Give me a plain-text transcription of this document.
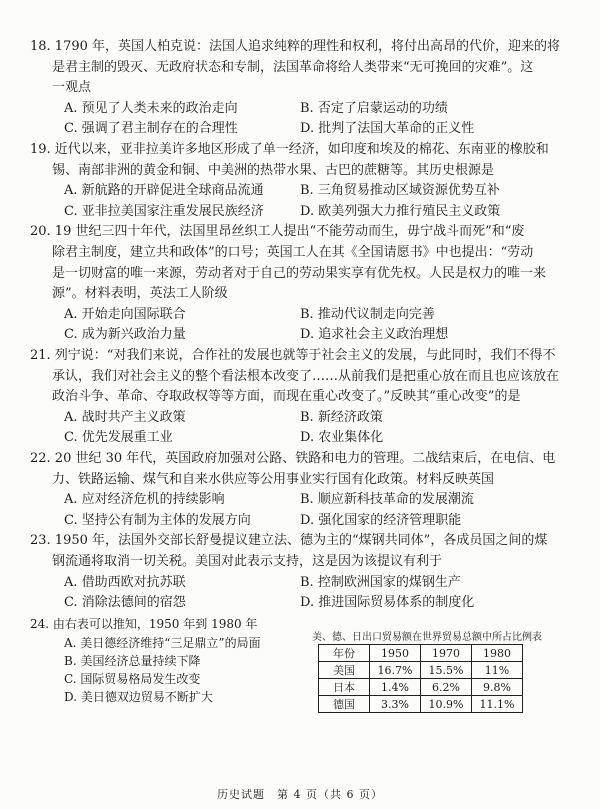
18. 1790 年，英国人柏克说：法国人追求纯粹的理性和权利，将付出高昂的代价，迎来的将
是君主制的毁灭、无政府状态和专制，法国革命将给人类带来“无可挽回的灾难”。这
一观点
A. 预见了人类未来的政治走向	B. 否定了启蒙运动的功绩
C. 强调了君主制存在的合理性	D. 批判了法国大革命的正义性
19. 近代以来，亚非拉美许多地区形成了单一经济，如印度和埃及的棉花、东南亚的橡胶和
锡、南部非洲的黄金和铜、中美洲的热带水果、古巴的蔗糖等。其历史根源是
A. 新航路的开辟促进全球商品流通	B. 三角贸易推动区域资源优势互补
C. 亚非拉美国家注重发展民族经济	D. 欧美列强大力推行殖民主义政策
20. 19 世纪三四十年代，法国里昂丝织工人提出“不能劳动而生，毋宁战斗而死”和“废
除君主制度，建立共和政体”的口号；英国工人在其《全国请愿书》中也提出：“劳动
是一切财富的唯一来源，劳动者对于自己的劳动果实享有优先权。人民是权力的唯一来
源”。材料表明，英法工人阶级
A. 开始走向国际联合	B. 推动代议制走向完善
C. 成为新兴政治力量	D. 追求社会主义政治理想
21. 列宁说：“对我们来说，合作社的发展也就等于社会主义的发展，与此同时，我们不得不
承认，我们对社会主义的整个看法根本改变了……从前我们是把重心放在而且也应该放在
政治斗争、革命、夺取政权等等方面，而现在重心改变了。”反映其“重心改变”的是
A. 战时共产主义政策	B. 新经济政策
C. 优先发展重工业	D. 农业集体化
22. 20 世纪 30 年代，英国政府加强对公路、铁路和电力的管理。二战结束后，在电信、电
力、铁路运输、煤气和自来水供应等公用事业实行国有化政策。材料反映英国
A. 应对经济危机的持续影响	B. 顺应新科技革命的发展潮流
C. 坚持公有制为主体的发展方向	D. 强化国家的经济管理职能
23. 1950 年，法国外交部长舒曼提议建立法、德为主的“煤钢共同体”，各成员国之间的煤
钢流通将取消一切关税。美国对此表示支持，这是因为该提议有利于
A. 借助西欧对抗苏联	B. 控制欧洲国家的煤钢生产
C. 消除法德间的宿怨	D. 推进国际贸易体系的制度化
24. 由右表可以推知，1950 年到 1980 年
A. 美日德经济维持“三足鼎立”的局面
B. 美国经济总量持续下降
美、德、日出口贸易额在世界贸易总额中所占比例表
年份	1950	1970	1980
美国	16.7%	15.5%	11%
日本	1.4%	6.2%	9.8%
德国	3.3%	10.9%	11.1%
历史试题　第 4 页（共 6 页）
C. 国际贸易格局发生改变
D. 美日德双边贸易不断扩大
